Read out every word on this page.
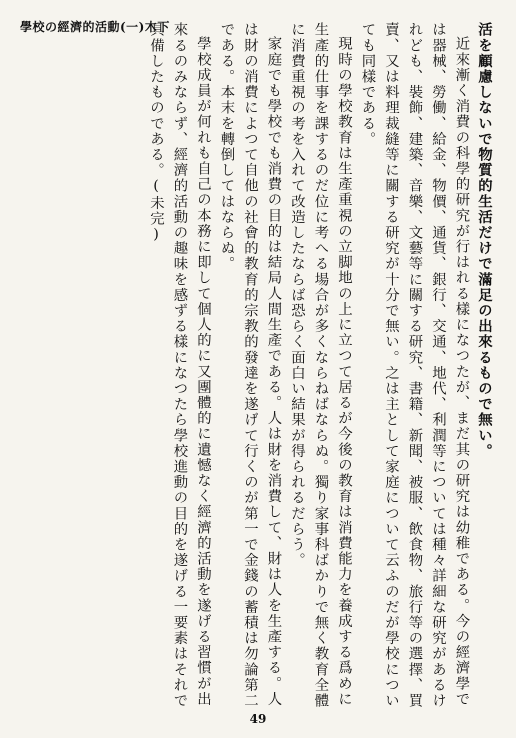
學校の經濟的活動(一)木下	活を顧慮しないで物質的生活だけで滿足の出來るもので無い。

近來漸く消費の科學的研究が行はれる樣になつたが、まだ其の研究は幼稚である。今の經濟學では器械、勞働、給金、物價、通貨、銀行、交通、地代、利潤等については種々詳細な研究があるけれども、裝飾、建築、音樂、文藝等に關する研究、書籍、新聞、被服、飲食物、旅行等の選擇、買賣、又は料理裁縫等に關する研究が十分で無い。之は主として家庭について云ふのだが學校についても同樣である。

現時の學校教育は生產重視の立脚地の上に立つて居るが今後の教育は消費能力を養成する爲めに生產的仕事を課するのだ位に考へる場合が多くならねばならぬ。獨り家事科ばかりで無く教育全體に消費重視の考を入れて改造したならば恐らく面白い結果が得られるだらう。

家庭でも學校でも消費の目的は結局人間生產である。人は財を消費して、財は人を生產する。人は財の消費によつて自他の社會的教育的宗教的發達を遂げて行くのが第一で金錢の蓄積は勿論第二である。本末を轉倒してはならぬ。

學校成員が何れも自己の本務に即して個人的に又團體的に遺憾なく經濟的活動を遂げる習慣が出來るのみならず、經濟的活動の趣味を感ずる樣になつたら學校進動の目的を遂げる一要素はそれで具備したものである。(未完)

49
